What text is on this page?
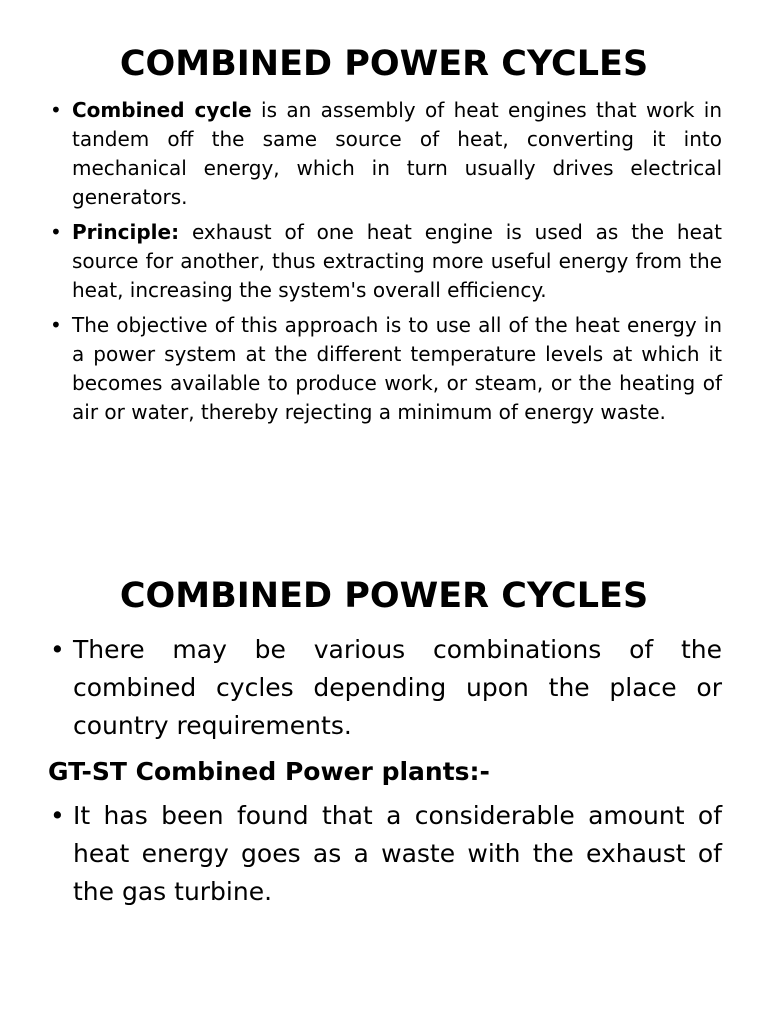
COMBINED POWER CYCLES
• Combined cycle is an assembly of heat engines that work in tandem off the same source of heat, converting it into mechanical energy, which in turn usually drives electrical generators.
• Principle: exhaust of one heat engine is used as the heat source for another, thus extracting more useful energy from the heat, increasing the system's overall efficiency.
• The objective of this approach is to use all of the heat energy in a power system at the different temperature levels at which it becomes available to produce work, or steam, or the heating of air or water, thereby rejecting a minimum of energy waste.
COMBINED POWER CYCLES
• There may be various combinations of the combined cycles depending upon the place or country requirements.
GT-ST Combined Power plants:-
• It has been found that a considerable amount of heat energy goes as a waste with the exhaust of the gas turbine.
